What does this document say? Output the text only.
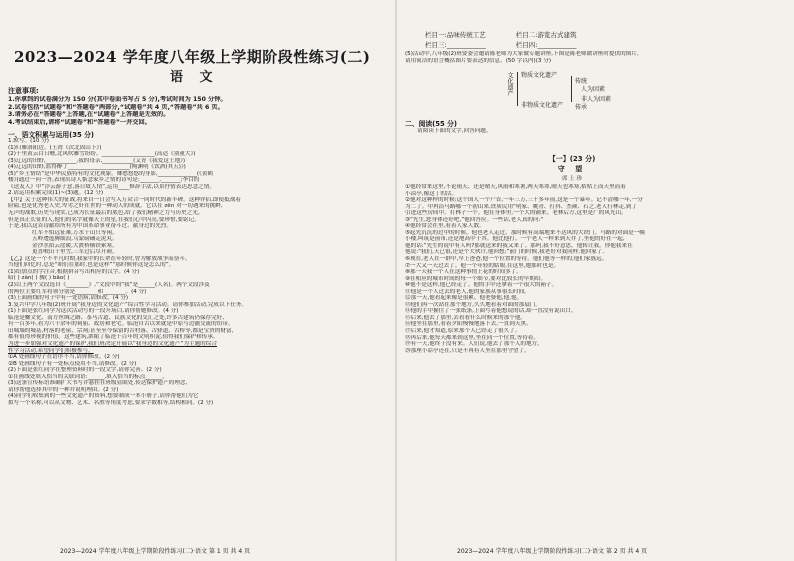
2023—2024 学年度八年级上学期阶段性练习(二)
语 文
注意事项:
1.你拿到的试卷满分为 150 分(其中卷面书写占 5 分),考试时间为 150 分钟。
2.试卷包括“试题卷”和“答题卷”两部分,“试题卷”共 4 页,“答题卷”共 6 页。
3.请务必在“答题卷”上答题,在“试题卷”上答题是无效的。
4.考试结束后,请将“试题卷”和“答题卷”一并交回。
一、语文积累与运用(35 分)
1.默写。(10 分)
(1)归雁洛阳边。(王湾《次北固山下》)
(2)千里黄云白日曛,北风吹雁雪纷纷。___________________(高适《别董大》)
(3)辽远的田野,___________,我的母亲,___________(艾青《我爱这土地》)
(4)辽远的田野,蓝得醉了______________________(陶渊明《饮酒(其五)》)
(5)“乡土情结”是中华民族特有的文化现象。鄉愁悠悠的身影,______________(《黄鹤
楼》)通过一问一答,表现出诗人惦念家乡之情的诗句是:_______,_______;李白的
《送友人》中“浮云游子意,落日故人情”,运用____修辞手法,以景抒情表达思念之情。
2.请运用积累完成(1)~(3)题。(12 分)
【甲】关于这种伟大的征战,将来自一日会写入万众合一同时代的新丰碑。这种伴侣,即使抵战着
险隘,也是优秀老人史,卑劣之奸在世的一种动人的成就。它以在 zěn 对一切遇来的挑衅,
无声的战歌,历史与现实,已成为长征最后的底色,给了我们精神之力与历史之光。
但是真正长征的人,他们的名字就像天上的星,在我们心中闪亮,要珍惜,要铭记。
于是,我以这首诗献给所有为中国革命事业奋斗过、献身过的先烈。
红军不怕远征难,万水千山只等闲。
五岭逶迤腾细浪,乌蒙磅礴走泥丸。
金沙水拍云崖暖,大渡桥横铁索寒。
更喜岷山千里雪,三军过后尽开颜。
【乙】这是一个不平凡时期,我家中的长辈在年轻时,曾为解放战争而奋斗。
当他们回忆时,总是“咱们在那时,也是这样”“那时候你这是怎么的”。
(1)给加点的字注音,根据拼音写出相应的汉字。(4 分)
暗( ) zàn( ) 骤( ) bāo( )
(2)以上两个文段选自《________》,“文段中的“我”是______(人名)。两个文段涉及
的两位主要红军将领分别是________和________。(4 分)
(3)上面画线的句子中有一处语病,请修改。(4 分)
3.复兴中学八年级(2)班开展“我身边的文化遗产”综合性学习活动。请你参加活动,完成以下任务。
(1)下面是张红同学为这次活动写的一段开场白,请你帮她修改。(4 分)
临沧是爨文化、南方丝绸之路、茶马古道、民族文化的交汇之处,许多古建筑仍保存完好,
有一百多年,看为六十余年的祠庙、故居和老宅。临沧自古以来就是中原与边疆交流的纽带。
旧城墙的城基,村落的老屋、宗祠;甚至至今保留的古村落、古驿道、古桥等,都是宝贵的财富,
都有值得珍视的价值。这些建筑,浓缩了临沧千百年的文明积淀,值得我们保护和传承。
为进一步加强对文化遗产的保护,我们班决定开展以“我身边的文化遗产”为主题的综合
性学习活动,希望同学们积极参与。
①A 处画线句子在语序不当,请你修改。(2 分)
②B 处画线句子有一处标点使用不当,请修改。(2 分)
(2)下面是张红同学在整理资料时的一段文字,请你完善。(2 分)
①在画线处填入恰当的关联词语:______,填入恰当的标点______。
(3)这条宣传标语准确扩大书写并悬挂在班级显眼处,传达保护遗产的理念,
请你帮他选择其中的一种并说明理由。(2 分)
(4)同学们收集到的一些文化遗产的资料,想要制成一本小册子,请你帮他们为它
拟写一个名称,可以从文物、艺术、名胜等角度考虑,要求字数相等,结构相同。(2 分)
2023—2024 学年度八年级上学期阶段性练习(二)·语文 第 1 页 共 4 页
栏目一:品味传统工艺	栏目二:游览古式建筑
栏目三:____________	栏目四:____________
(5)活动中,八年级(2)班要委会邀请陈老师为大家做专题讲座,下图是陈老师做讲座时提供的图片,
请用简洁的语言概括图片要表达的信息。(50 字以内)(3 分)
文化遗产 物质文化遗产
非物质文化遗产
传统
人为因素
非人为因素
传承
二、阅读(55 分)
请阅读下面的文字,回答问题。
【一】(23 分)
守 望
席 上 珍
①他经常来这里,不论雨天、还是晴天,风雨和寒暑,两天寒寒,晴天也寒寒,枯枯上而天里而着
小凉亭,像这丁的活。
②他对这种样的时候:这个国人一个尸首,一年三万,三十多年前,这是一个暴年。记不清哪一年,一分
为二了。中冉沿马路哪一个初山来,铁质民用“明家、姚青、打抖、杰颜、石之,老人行林走,到了
引进这些房间中。打林子一个。他在身体里,一个大的铺来。老林后方,这里是广的风光山。
③“先生,您身体还好吧,”他回答应。一些话,老人真的问:“
④他经常会在里,看着人家人散。
⑤起先沉沉的过中的时候。他也老人走过。那时候有高端地来不达风的大铁门。马路的对面是一幢
小楼,叫筑是前市,还是地高中于其。他比他打。一个老人一样来到天井了,坐他的好在一起,
他的话:“先生的说中有人吗?那就送来的我又来了。那吗,我不好意思。他转让我。你他我来在
他说:“我们,天已很,还是个大伙计,他回想;”前门的时候,我老好对我同样,他回家了。
⑥现在,老人在一群中,早上爸爸,他一个位置的等待。他们他等一样的,他们家族远。
⑦一大又一天过去了。他一个年轻的姑娘,在这里,她那时也是。
⑧那一天我一个人在这种事情上花的时间多了。
⑨在相应的城市时间的每一个细节,要对比较长的早期给。
⑩他不是这样,他已经走了。他的手中还拿着一个很大的箱子。
⑪他是一个人过去的老人,他的家族从事很长时间。
⑫那一天,他看起来像是很累。他老婆他,他,他。
⑬他们再一次站在那个地方,久久地看着对面的那扇门。
⑭他的手中握住了一张纸条,上面写着他想说的话,却一直没有说出口。
⑮后来,他去了那里,去看看什么时候来的那个他。
⑯他坐在那里,看着夕阳慢慢地落下去,一直到天黑。
⑰后来,他才知道,原来那个人已经走了很久了。
⑱再后来,他每天都来到这里,坐在同一个位置,等待着。
⑲有一天,他终于没有来。人们说,他去了那个人的地方。
⑳那座小凉亭还在,只是不再有人坐在那里守望了。
2023—2024 学年度八年级上学期阶段性练习(二)·语文 第 2 页 共 4 页
